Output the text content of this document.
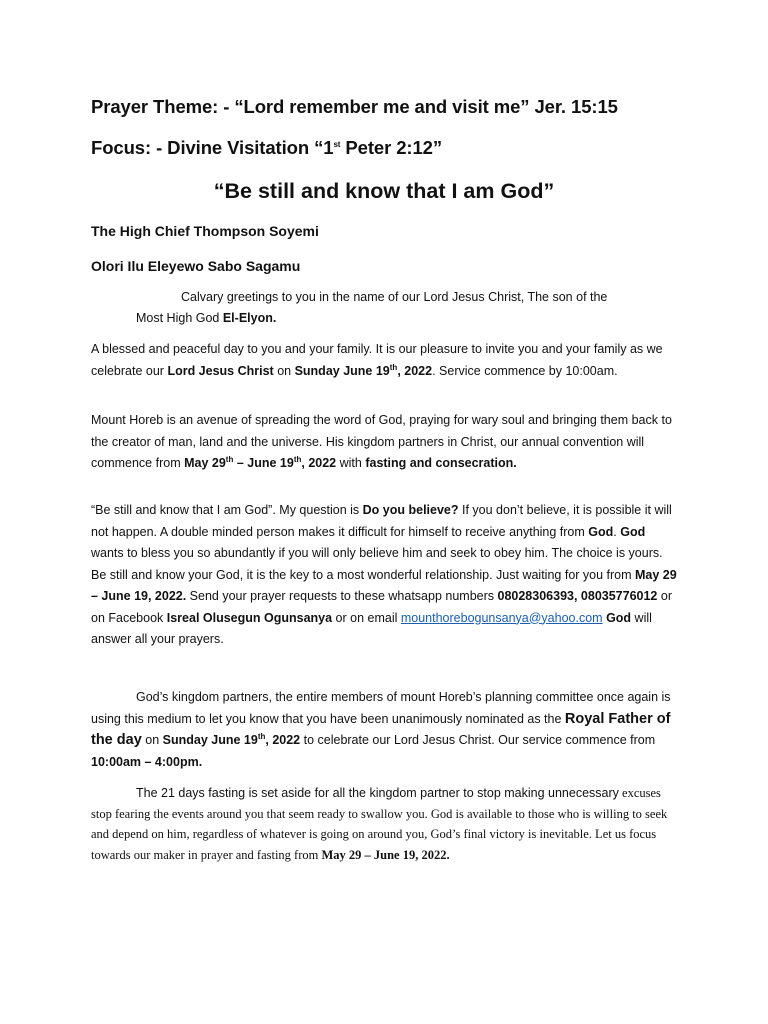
Prayer Theme: - “Lord remember me and visit me” Jer. 15:15
Focus: - Divine Visitation “1st Peter 2:12”
“Be still and know that I am God”
The High Chief Thompson Soyemi
Olori Ilu Eleyewo Sabo Sagamu
Calvary greetings to you in the name of our Lord Jesus Christ, The son of the
Most High God El-Elyon.

A blessed and peaceful day to you and your family. It is our pleasure to invite you and your family as we celebrate our Lord Jesus Christ on Sunday June 19th, 2022. Service commence by 10:00am.

Mount Horeb is an avenue of spreading the word of God, praying for wary soul and bringing them back to the creator of man, land and the universe. His kingdom partners in Christ, our annual convention will commence from May 29th – June 19th, 2022 with fasting and consecration.

“Be still and know that I am God”. My question is Do you believe? If you don’t believe, it is possible it will not happen. A double minded person makes it difficult for himself to receive anything from God. God wants to bless you so abundantly if you will only believe him and seek to obey him. The choice is yours. Be still and know your God, it is the key to a most wonderful relationship. Just waiting for you from May 29 – June 19, 2022. Send your prayer requests to these whatsapp numbers 08028306393, 08035776012 or on Facebook Isreal Olusegun Ogunsanya or on email mounthorebogunsanya@yahoo.com God will answer all your prayers.

God’s kingdom partners, the entire members of mount Horeb’s planning committee once again is using this medium to let you know that you have been unanimously nominated as the Royal Father of the day on Sunday June 19th, 2022 to celebrate our Lord Jesus Christ. Our service commence from 10:00am – 4:00pm.

The 21 days fasting is set aside for all the kingdom partner to stop making unnecessary excuses stop fearing the events around you that seem ready to swallow you. God is available to those who is willing to seek and depend on him, regardless of whatever is going on around you, God’s final victory is inevitable. Let us focus towards our maker in prayer and fasting from May 29 – June 19, 2022.
